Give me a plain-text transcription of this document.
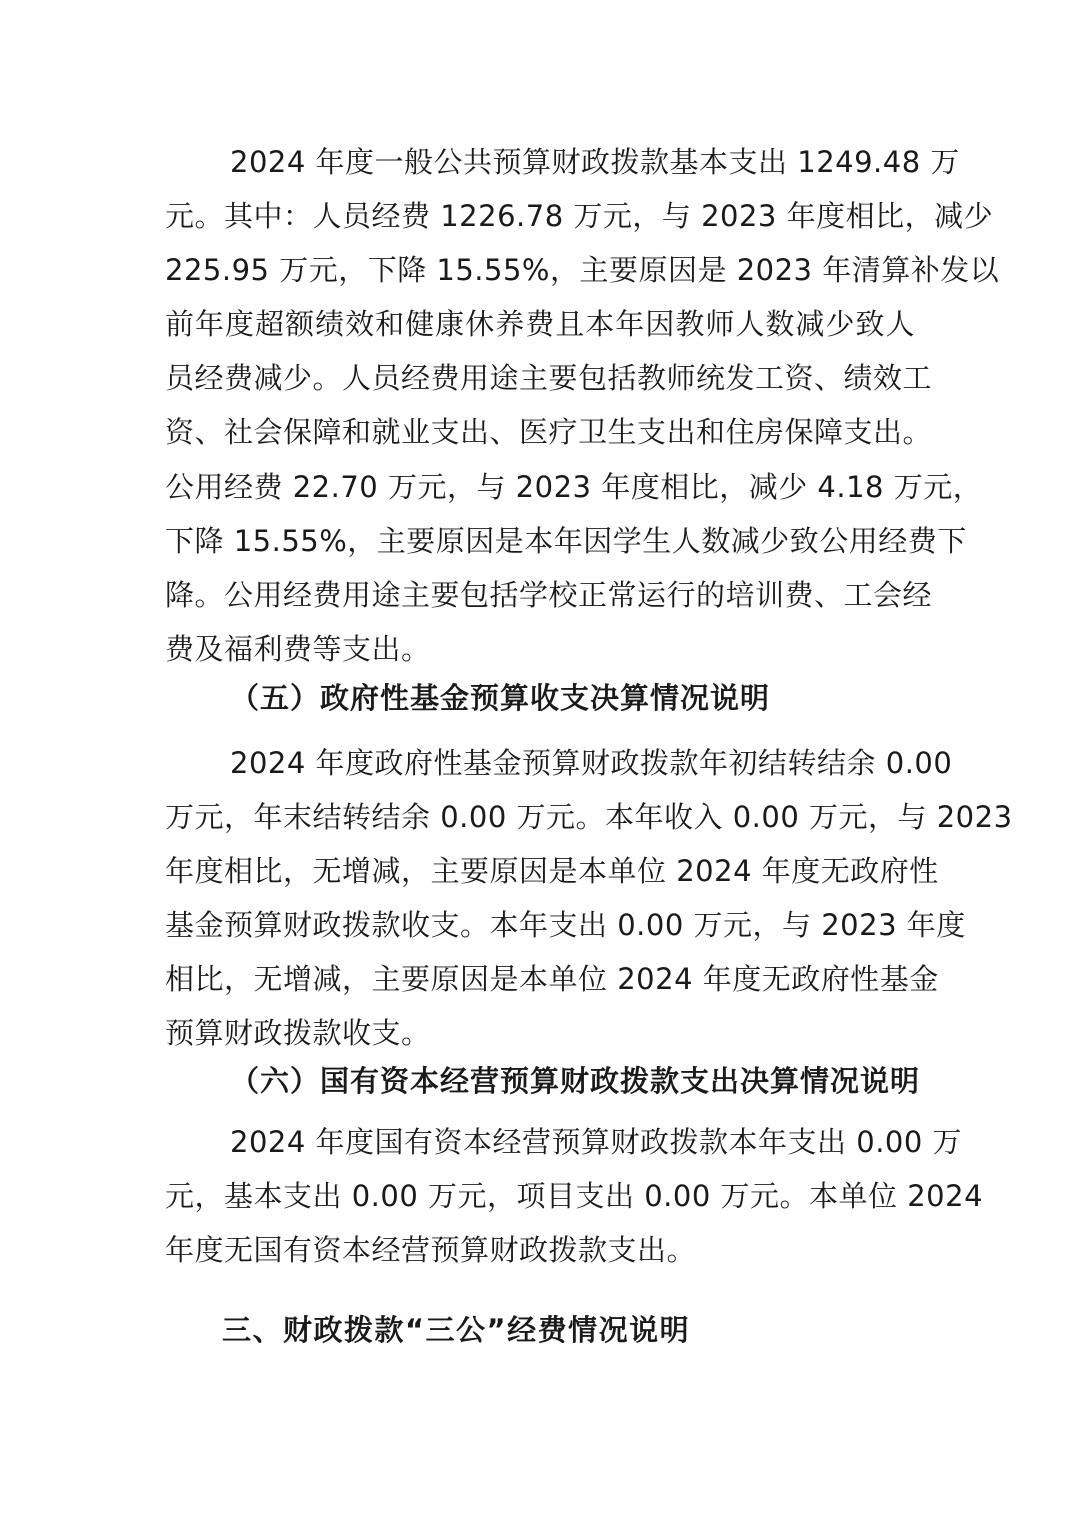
2024 年度一般公共预算财政拨款基本支出 1249.48 万
元。其中：人员经费 1226.78 万元，与 2023 年度相比，减少
225.95 万元，下降 15.55%，主要原因是 2023 年清算补发以
前年度超额绩效和健康休养费且本年因教师人数减少致人
员经费减少。人员经费用途主要包括教师统发工资、绩效工
资、社会保障和就业支出、医疗卫生支出和住房保障支出。
公用经费 22.70 万元，与 2023 年度相比，减少 4.18 万元，
下降 15.55%，主要原因是本年因学生人数减少致公用经费下
降。公用经费用途主要包括学校正常运行的培训费、工会经
费及福利费等支出。
（五）政府性基金预算收支决算情况说明
2024 年度政府性基金预算财政拨款年初结转结余 0.00
万元，年末结转结余 0.00 万元。本年收入 0.00 万元，与 2023
年度相比，无增减，主要原因是本单位 2024 年度无政府性
基金预算财政拨款收支。本年支出 0.00 万元，与 2023 年度
相比，无增减，主要原因是本单位 2024 年度无政府性基金
预算财政拨款收支。
（六）国有资本经营预算财政拨款支出决算情况说明
2024 年度国有资本经营预算财政拨款本年支出 0.00 万
元，基本支出 0.00 万元，项目支出 0.00 万元。本单位 2024
年度无国有资本经营预算财政拨款支出。
三、财政拨款“三公”经费情况说明
